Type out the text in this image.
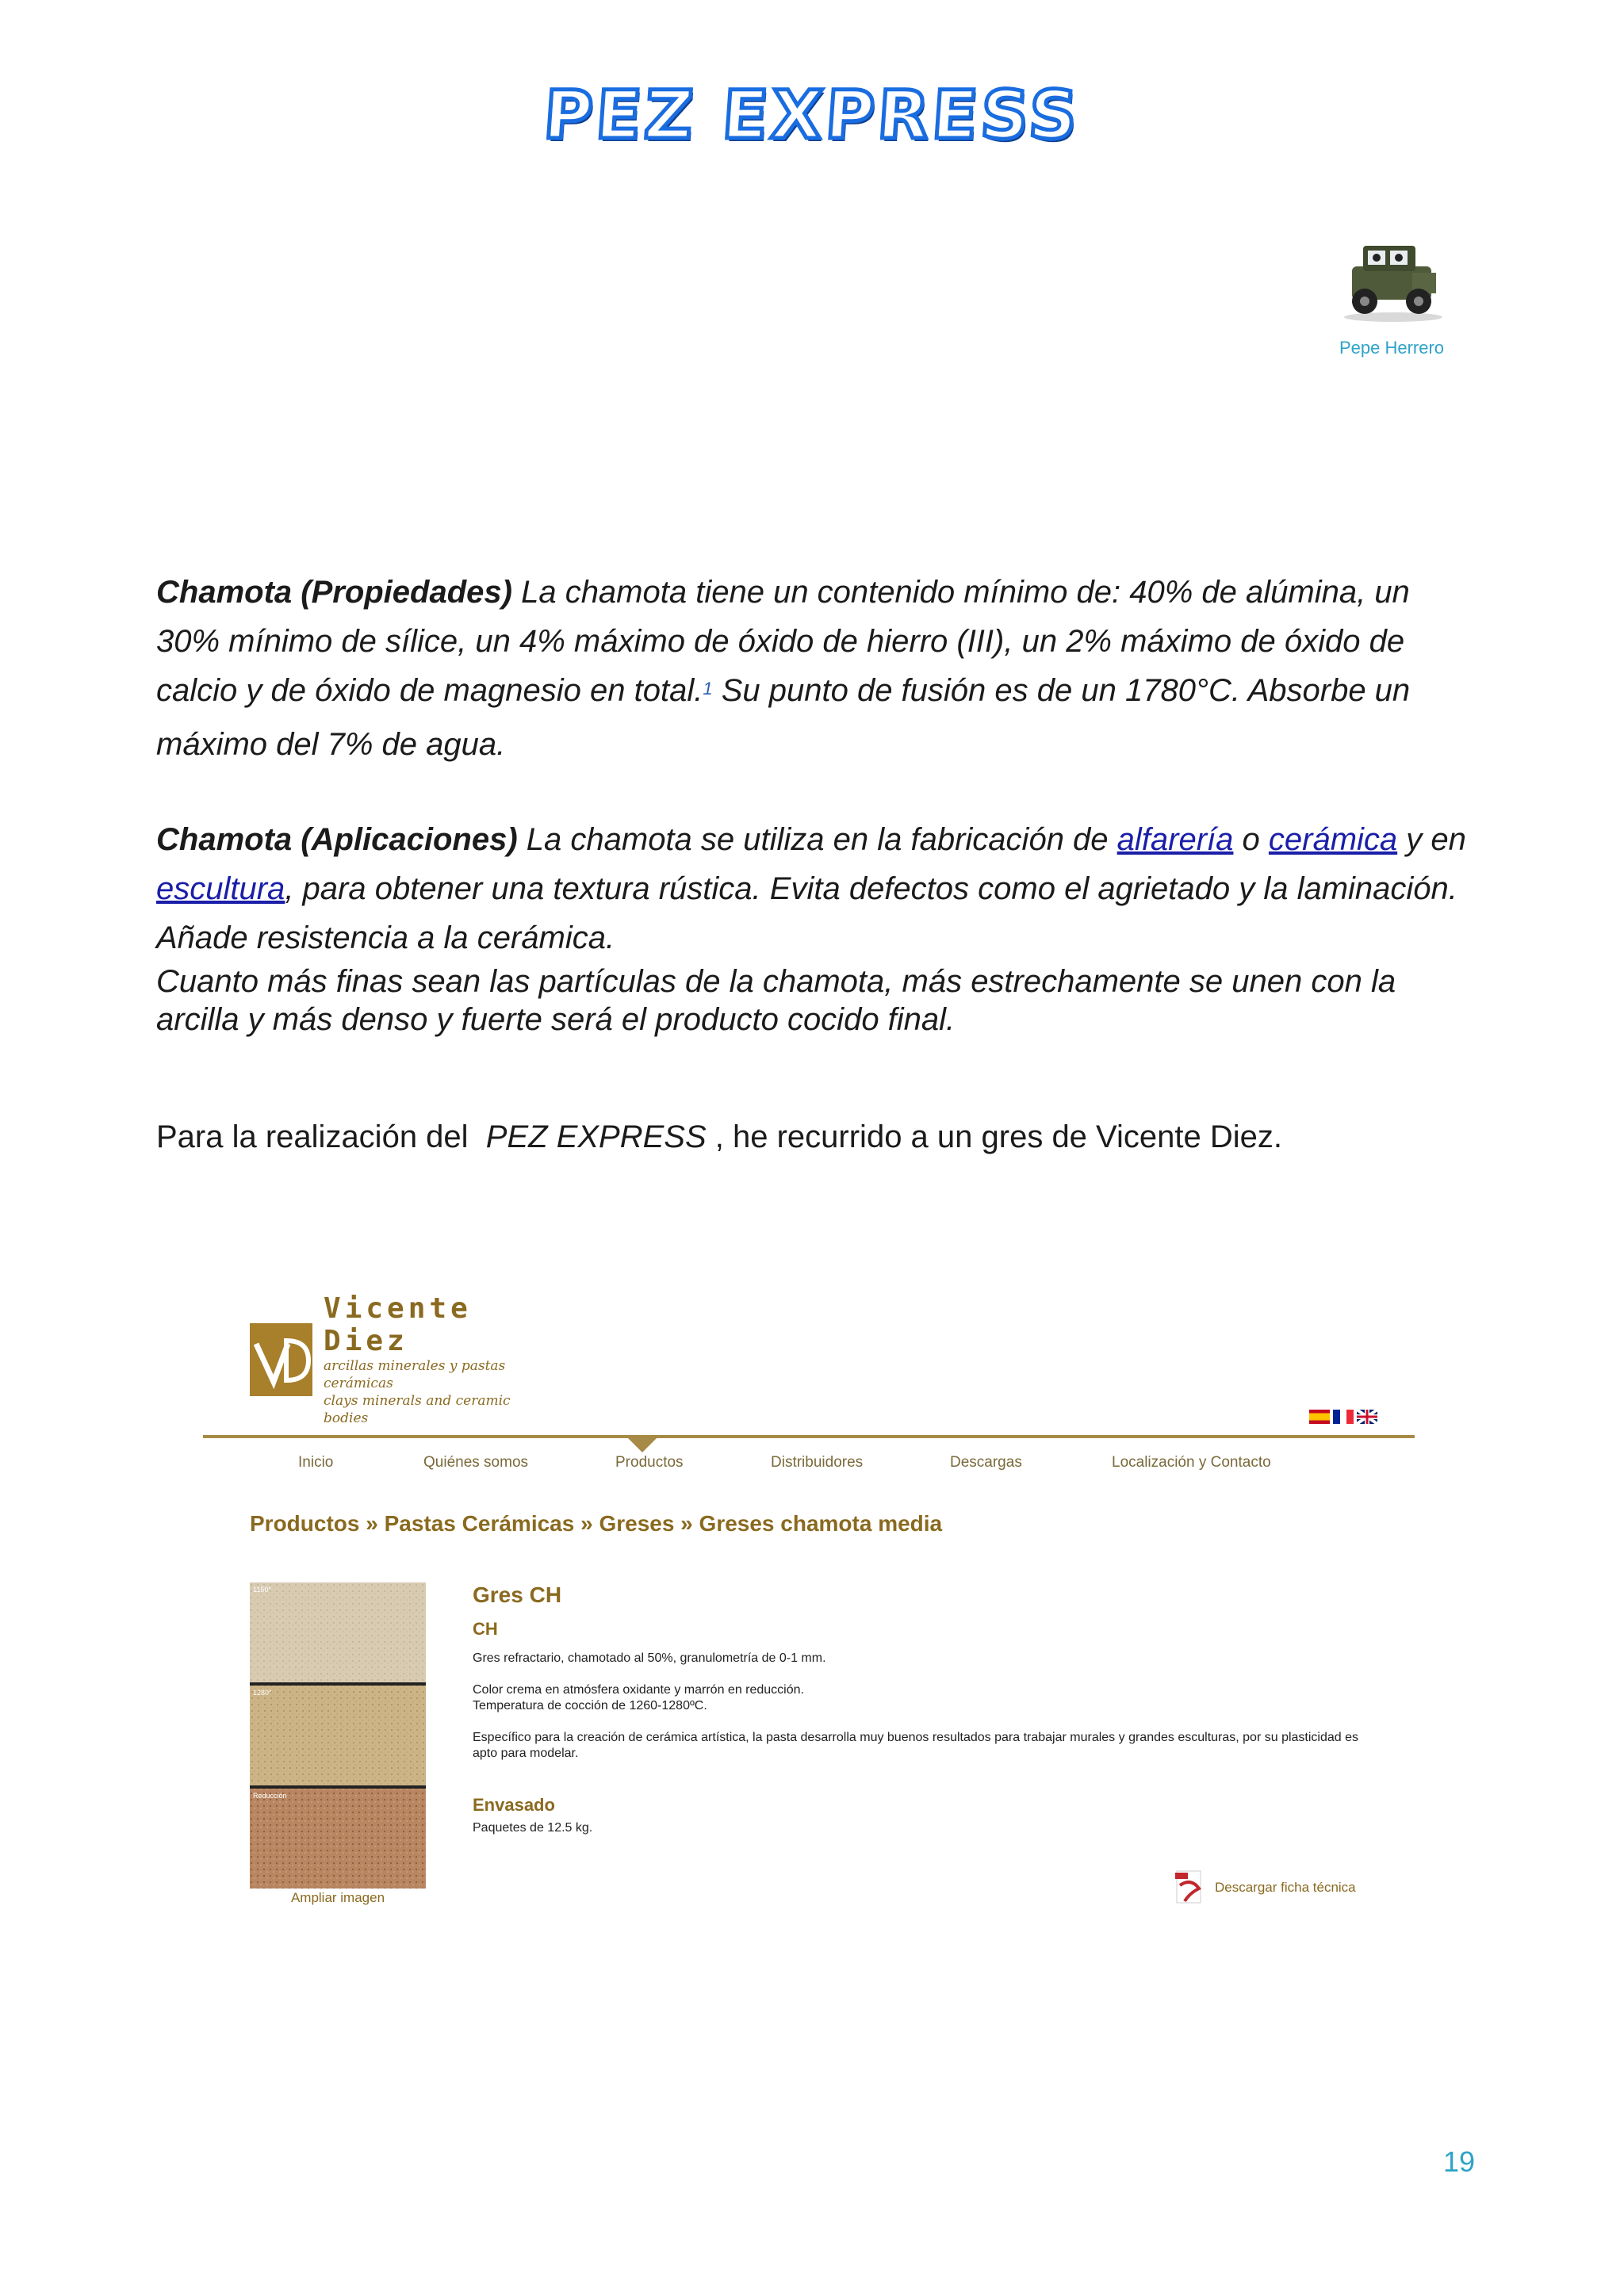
PEZ EXPRESS
Pepe Herrero
Chamota (Propiedades) La chamota tiene un contenido mínimo de: 40% de alúmina, un 30% mínimo de sílice, un 4% máximo de óxido de hierro (III), un 2% máximo de óxido de calcio y de óxido de magnesio en total.$^1$ Su punto de fusión es de un 1780°C. Absorbe un máximo del 7% de agua.
Chamota (Aplicaciones) La chamota se utiliza en la fabricación de alfarería o cerámica y en escultura, para obtener una textura rústica. Evita defectos como el agrietado y la laminación. Añade resistencia a la cerámica.
Cuanto más finas sean las partículas de la chamota, más estrechamente se unen con la arcilla y más denso y fuerte será el producto cocido final.
Para la realización del  PEZ EXPRESS , he recurrido a un gres de Vicente Diez.
Vicente Diez
arcillas minerales y pastas cerámicas
clays minerals and ceramic bodies
Inicio	Quiénes somos	Productos	Distribuidores	Descargas	Localización y Contacto
Productos » Pastas Cerámicas » Greses » Greses chamota media
1150°
1280°
Reducción
Ampliar imagen
Gres CH
CH
Gres refractario, chamotado al 50%, granulometría de 0-1 mm.
Color crema en atmósfera oxidante y marrón en reducción.
Temperatura de cocción de 1260-1280ºC.
Específico para la creación de cerámica artística, la pasta desarrolla muy buenos resultados para trabajar murales y grandes esculturas, por su plasticidad es apto para modelar.
Envasado
Paquetes de 12.5 kg.
Descargar ficha técnica
19
